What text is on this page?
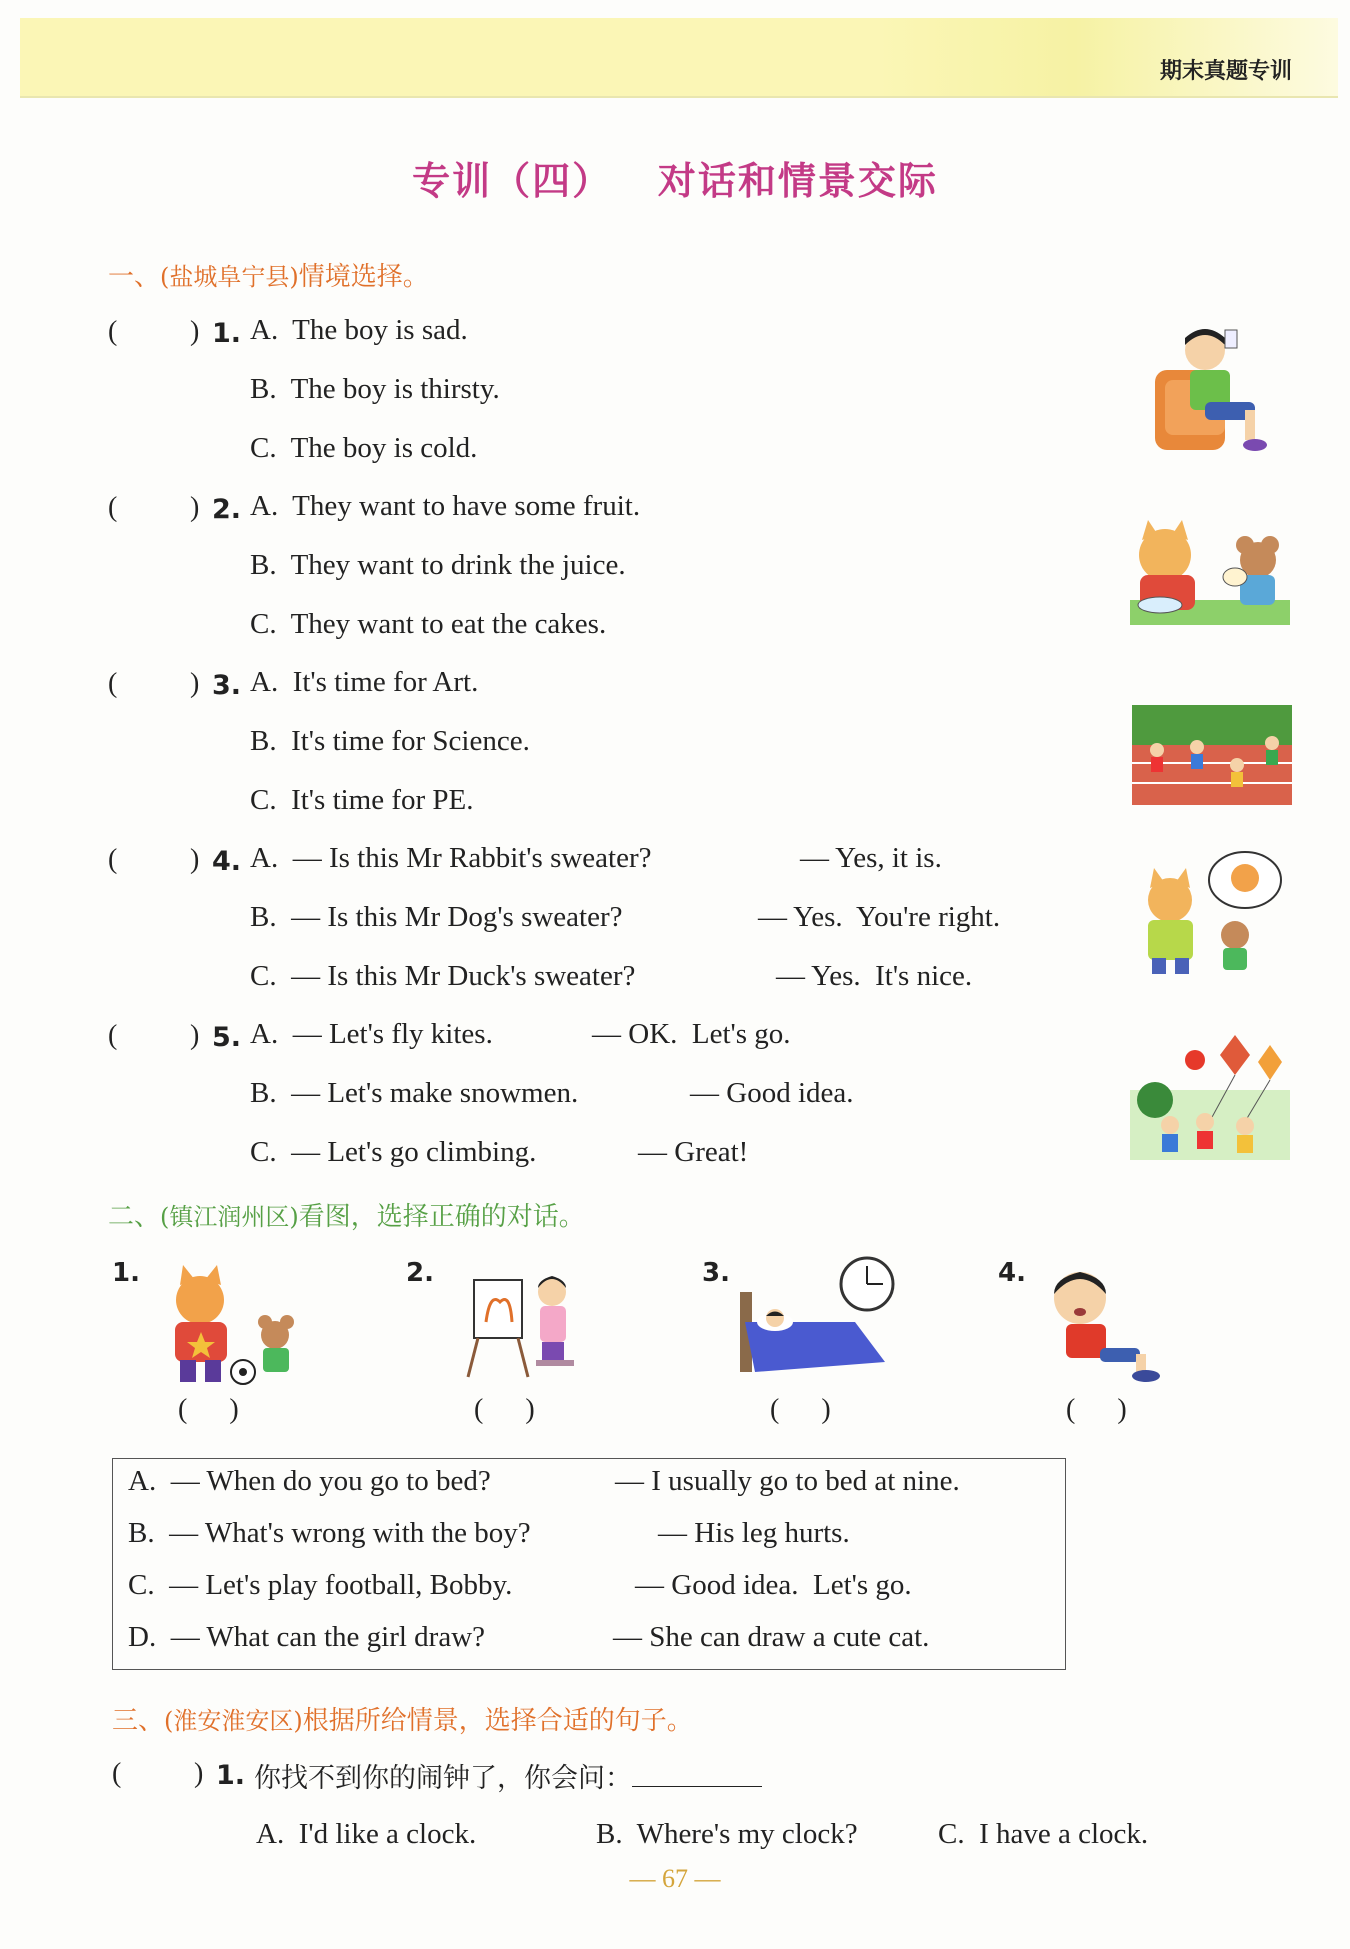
期末真题专训
专训（四） 对话和情景交际
一、(盐城阜宁县)情境选择。
(	) 1. A.  The boy is sad.
B.  The boy is thirsty.
C.  The boy is cold.
(	) 2. A.  They want to have some fruit.
B.  They want to drink the juice.
C.  They want to eat the cakes.
(	) 3. A.  It's time for Art.
B.  It's time for Science.
C.  It's time for PE.
(	) 4. A.  — Is this Mr Rabbit's sweater?	— Yes, it is.
B.  — Is this Mr Dog's sweater?	— Yes.  You're right.
C.  — Is this Mr Duck's sweater?	— Yes.  It's nice.
(	) 5. A.  — Let's fly kites.	— OK.  Let's go.
B.  — Let's make snowmen.	— Good idea.
C.  — Let's go climbing.	— Great!
二、(镇江润州区)看图，选择正确的对话。
1.	2.	3.	4.
(      )	(      )	(      )	(      )
A.  — When do you go to bed?	— I usually go to bed at nine.
B.  — What's wrong with the boy?	— His leg hurts.
C.  — Let's play football, Bobby.	— Good idea.  Let's go.
D.  — What can the girl draw?	— She can draw a cute cat.
三、(淮安淮安区)根据所给情景，选择合适的句子。
(	) 1. 你找不到你的闹钟了，你会问：
A.  I'd like a clock.	B.  Where's my clock?	C.  I have a clock.
— 67 —
